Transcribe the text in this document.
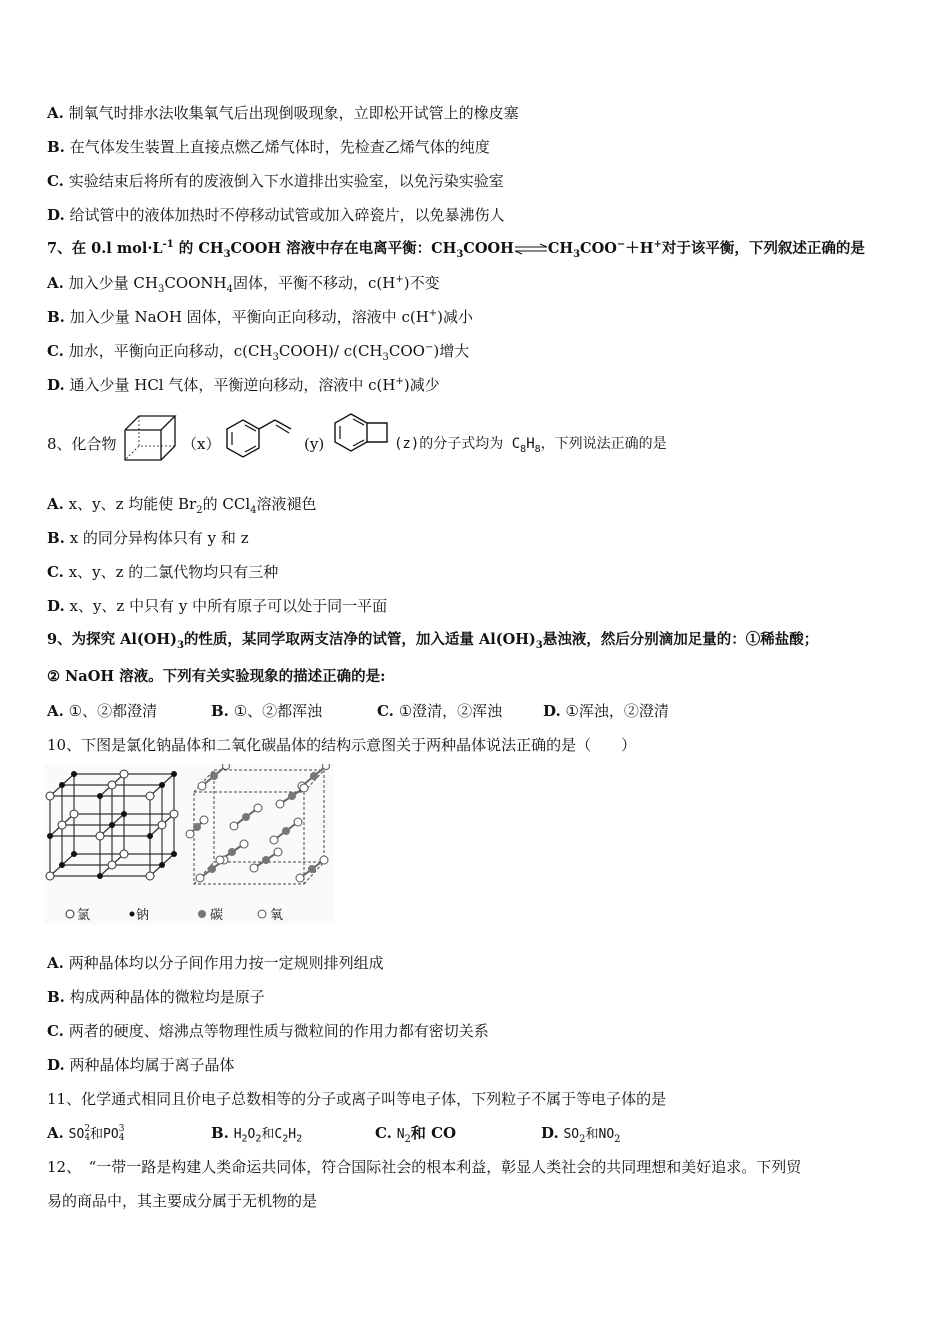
A. 制氧气时排水法收集氧气后出现倒吸现象，立即松开试管上的橡皮塞
B. 在气体发生装置上直接点燃乙烯气体时，先检查乙烯气体的纯度
C. 实验结束后将所有的废液倒入下水道排出实验室，以免污染实验室
D. 给试管中的液体加热时不停移动试管或加入碎瓷片，以免暴沸伤人
7、在 0.l $mol\cdot L^{-1}$ 的 $CH_3COOH$ 溶液中存在电离平衡：$CH_3COOH\rightleftharpoons CH_3COO^-+H^+$对于该平衡，下列叙述正确的是
A. 加入少量 $CH_3COONH_4$固体，平衡不移动，c(H+)不变
B. 加入少量 NaOH 固体，平衡向正向移动，溶液中 c(H+)减小
C. 加水，平衡向正向移动，$c(CH_3COOH)/$ $c(CH_3COO^-)$增大
D. 通入少量 HCl 气体，平衡逆向移动，溶液中 c(H+)减少
8、化合物	（x）	(y)	(z)的分子式均为 $C_8H_8$，下列说法正确的是
A. x、y、z 均能使 $Br_2$的 CCl$_4$溶液褪色
B. x 的同分异构体只有 y 和 z
C. x、y、z 的二氯代物均只有三种
D. x、y、z 中只有 y 中所有原子可以处于同一平面
9、为探究 $Al(OH)_3$的性质，某同学取两支洁净的试管，加入适量 $Al(OH)_3$悬浊液，然后分别滴加足量的：①稀盐酸；
② NaOH 溶液。下列有关实验现象的描述正确的是:
A. ①、②都澄清	B. ①、②都浑浊	C. ①澄清，②浑浊	D. ①浑浊，②澄清
10、下图是氯化钠晶体和二氧化碳晶体的结构示意图关于两种晶体说法正确的是（　　）
氯	钠	碳	氧
A. 两种晶体均以分子间作用力按一定规则排列组成
B. 构成两种晶体的微粒均是原子
C. 两者的硬度、熔沸点等物理性质与微粒间的作用力都有密切关系
D. 两种晶体均属于离子晶体
11、化学通式相同且价电子总数相等的分子或离子叫等电子体，下列粒子不属于等电子体的是
A. SO 2
4 和PO 3
4	B. $H_2O_2$和$C_2H_2$	C. $N_2$和 CO	D. $SO_2$和$NO_2$
12、　“一带一路是构建人类命运共同体，符合国际社会的根本利益，彰显人类社会的共同理想和美好追求。下列贸
易的商品中，其主要成分属于无机物的是
